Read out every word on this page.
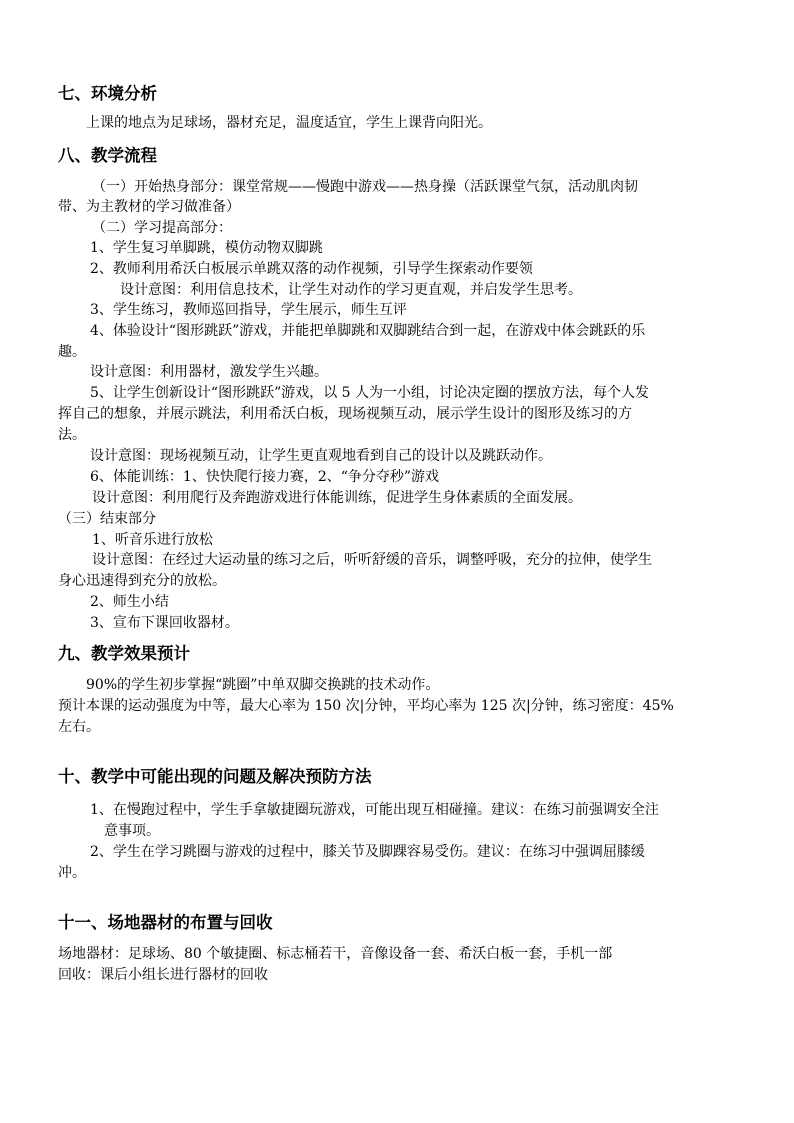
七、环境分析
上课的地点为足球场，器材充足，温度适宜，学生上课背向阳光。
八、教学流程
（一）开始热身部分：课堂常规——慢跑中游戏——热身操（活跃课堂气氛，活动肌肉韧
带、为主教材的学习做准备）
（二）学习提高部分：
1、学生复习单脚跳，模仿动物双脚跳
2、教师利用希沃白板展示单跳双落的动作视频，引导学生探索动作要领
设计意图：利用信息技术，让学生对动作的学习更直观，并启发学生思考。
3、学生练习，教师巡回指导，学生展示，师生互评
4、体验设计“图形跳跃”游戏，并能把单脚跳和双脚跳结合到一起，在游戏中体会跳跃的乐
趣。
设计意图：利用器材，激发学生兴趣。
5、让学生创新设计“图形跳跃”游戏，以 5 人为一小组，讨论决定圈的摆放方法，每个人发
挥自己的想象，并展示跳法，利用希沃白板，现场视频互动，展示学生设计的图形及练习的方
法。
设计意图：现场视频互动，让学生更直观地看到自己的设计以及跳跃动作。
6、体能训练：1、快快爬行接力赛，2、“争分夺秒”游戏
设计意图：利用爬行及奔跑游戏进行体能训练，促进学生身体素质的全面发展。
（三）结束部分
1、听音乐进行放松
设计意图：在经过大运动量的练习之后，听听舒缓的音乐，调整呼吸，充分的拉伸，使学生
身心迅速得到充分的放松。
2、师生小结
3、宣布下课回收器材。
九、教学效果预计
90%的学生初步掌握“跳圈”中单双脚交换跳的技术动作。
预计本课的运动强度为中等，最大心率为 150 次|分钟，平均心率为 125 次|分钟，练习密度：45%
左右。
十、教学中可能出现的问题及解决预防方法
1、在慢跑过程中，学生手拿敏捷圈玩游戏，可能出现互相碰撞。建议：在练习前强调安全注
意事项。
2、学生在学习跳圈与游戏的过程中，膝关节及脚踝容易受伤。建议：在练习中强调屈膝缓
冲。
十一、场地器材的布置与回收
场地器材：足球场、80 个敏捷圈、标志桶若干，音像设备一套、希沃白板一套，手机一部
回收：课后小组长进行器材的回收
